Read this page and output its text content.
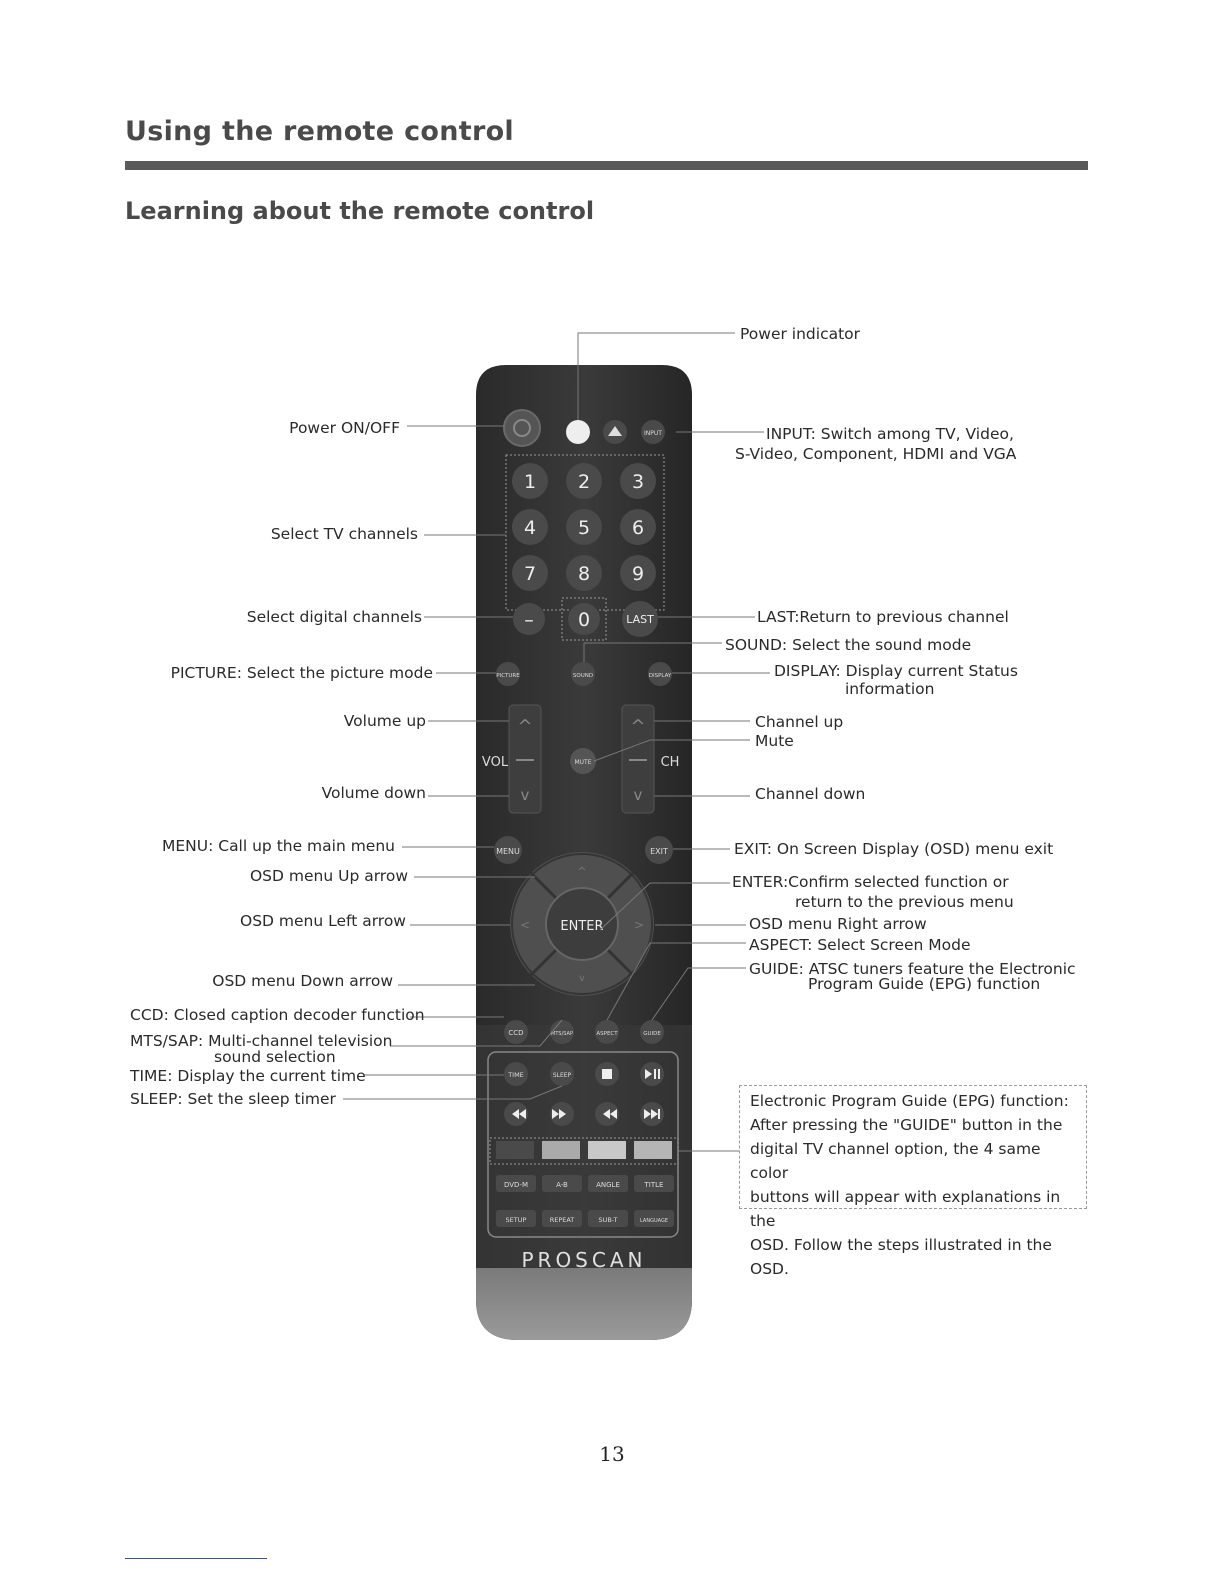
Using the remote control
Learning about the remote control
INPUT
1 2 3
4 5 6
7 8 9
– 0	LAST
PICTURE	SOUND	DISPLAY
^
v
VOL
^
v
CH
MUTE
MENU	EXIT
ENTER
^
v
<	>
CCD	MTS/SAP	ASPECT	GUIDE
TIME	SLEEP
DVD-M	A-B	ANGLE	TITLE
SETUP	REPEAT	SUB-T	LANGUAGE
PROSCAN
Power ON/OFF
Select TV channels
Select digital channels
PICTURE: Select the picture mode
Volume up
Volume down
MENU: Call up the main menu
OSD menu Up arrow
OSD menu Left arrow
OSD menu Down arrow
CCD: Closed caption decoder function
MTS/SAP: Multi-channel television
sound selection
TIME: Display the current time
SLEEP: Set the sleep timer
Power indicator
INPUT: Switch among TV, Video,
S-Video, Component, HDMI and VGA
LAST:Return to previous channel
SOUND: Select the sound mode
DISPLAY: Display current Status
information
Channel up
Mute
Channel down
EXIT: On Screen Display (OSD) menu exit
ENTER:Confirm selected function or
return to the previous menu
OSD menu Right arrow
ASPECT: Select Screen Mode
GUIDE: ATSC tuners feature the Electronic
Program Guide (EPG) function
Electronic Program Guide (EPG) function:
After pressing the "GUIDE" button in the
digital TV channel option, the 4 same color
buttons will appear with explanations in the
OSD. Follow the steps illustrated in the OSD.
13
